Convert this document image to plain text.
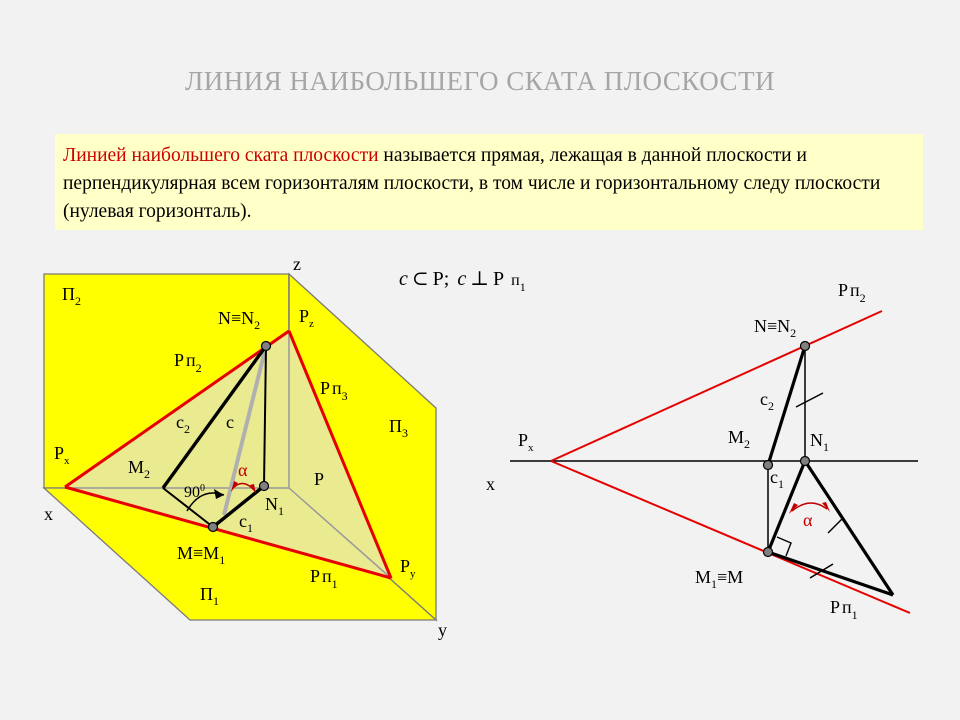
ЛИНИЯ НАИБОЛЬШЕГО СКАТА ПЛОСКОСТИ
Линией наибольшего ската плоскости называется прямая, лежащая в данной плоскости и перпендикулярная всем горизонталям плоскости, в том числе и горизонтальному следу плоскости (нулевая горизонталь).
z
x
y
$П_2$
$П_3$
$П_1$
$N\equiv N_2$ $P_z$
P $п_2$
P $п_3$
$P_x$
$c_2$ c
$M_2$
$90^0$
α
$N_1$
P
$c_1$
$M\equiv M_1$	$P_y$
P $п_1$
c ⊂ P; c ⊥ P $п_1$
x
$P_x$
P $п_2$
$N\equiv N_2$
$c_2$
$M_2$	$N_1$
$c_1$
α
$M_1\equiv M$
P $п_1$
